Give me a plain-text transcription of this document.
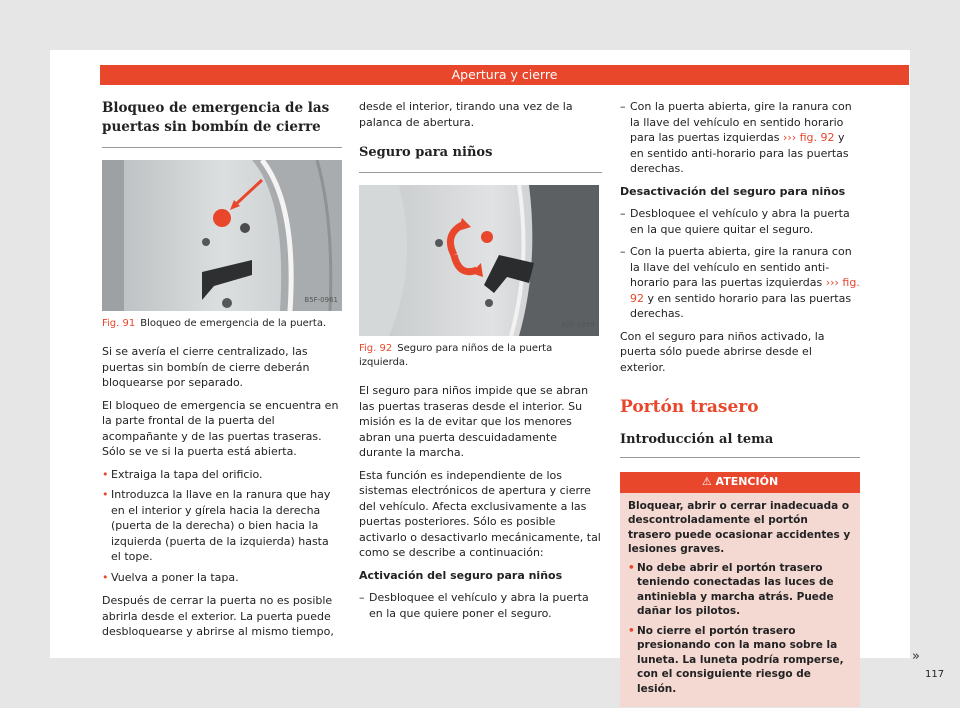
Apertura y cierre
Bloqueo de emergencia de las puertas sin bombín de cierre
B5F-0961
Fig. 91 Bloqueo de emergencia de la puerta.

Si se avería el cierre centralizado, las puertas sin bombín de cierre deberán bloquearse por separado.

El bloqueo de emergencia se encuentra en la parte frontal de la puerta del acompañante y de las puertas traseras. Sólo se ve si la puerta está abierta.

• Extraiga la tapa del orificio.
• Introduzca la llave en la ranura que hay en el interior y gírela hacia la derecha (puerta de la derecha) o bien hacia la izquierda (puerta de la izquierda) hasta el tope.
• Vuelva a poner la tapa.

Después de cerrar la puerta no es posible abrirla desde el exterior. La puerta puede desbloquearse y abrirse al mismo tiempo,

desde el interior, tirando una vez de la palanca de abertura.

Seguro para niños
B5F-0959
Fig. 92 Seguro para niños de la puerta izquierda.

El seguro para niños impide que se abran las puertas traseras desde el interior. Su misión es la de evitar que los menores abran una puerta descuidadamente durante la marcha.

Esta función es independiente de los sistemas electrónicos de apertura y cierre del vehículo. Afecta exclusivamente a las puertas posteriores. Sólo es posible activarlo o desactivarlo mecánicamente, tal como se describe a continuación:

Activación del seguro para niños

– Desbloquee el vehículo y abra la puerta en la que quiere poner el seguro.
– Con la puerta abierta, gire la ranura con la llave del vehículo en sentido horario para las puertas izquierdas ››› fig. 92 y en sentido anti-horario para las puertas derechas.

Desactivación del seguro para niños

– Desbloquee el vehículo y abra la puerta en la que quiere quitar el seguro.
– Con la puerta abierta, gire la ranura con la llave del vehículo en sentido anti-horario para las puertas izquierdas ››› fig. 92 y en sentido horario para las puertas derechas.

Con el seguro para niños activado, la puerta sólo puede abrirse desde el exterior.

Portón trasero
Introducción al tema
⚠ ATENCIÓN

Bloquear, abrir o cerrar inadecuada o descontroladamente el portón trasero puede ocasionar accidentes y lesiones graves.

• No debe abrir el portón trasero teniendo conectadas las luces de antiniebla y marcha atrás. Puede dañar los pilotos.
• No cierre el portón trasero presionando con la mano sobre la luneta. La luneta podría romperse, con el consiguiente riesgo de lesión.
»
117
